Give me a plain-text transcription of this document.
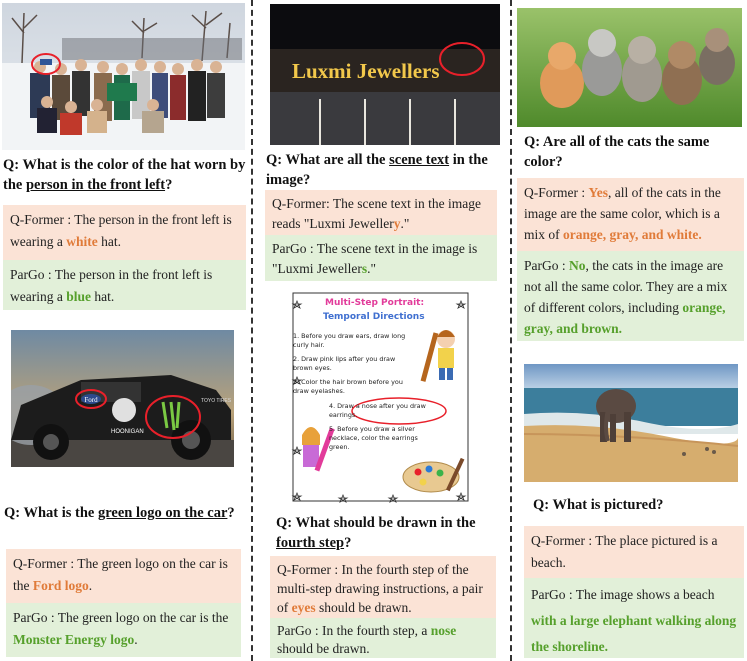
Q: What is the color of the hat worn by the person in the front left?
Q-Former : The person in the front left is wearing a white hat.
ParGo : The person in the front left is wearing a blue hat.
Ford
HOONIGAN
TOYO TIRES
Q: What is the green logo on the car?
Q-Former : The green logo on the car is the Ford logo.
ParGo : The green logo on the car is the Monster Energy logo.
Luxmi Jewellers
Q: What are all the scene text in the image?
Q-Former: The scene text in the image reads "Luxmi Jewellery."
ParGo : The scene text in the image is "Luxmi Jewellers."
Multi-Step Portrait:
Temporal Directions
1. Before you draw ears, draw long curly hair.
2. Draw pink lips after you draw brown eyes.
3. Color the hair brown before you draw eyelashes.
4. Draw a nose after you draw earrings.
5. Before you draw a silver necklace, color the earrings green.
Q: What should be drawn in the fourth step?
Q-Former : In the fourth step of the multi-step drawing instructions, a pair of eyes should be drawn.
ParGo : In the fourth step, a nose should be drawn.
Q: Are all of the cats the same color?
Q-Former : Yes, all of the cats in the image are the same color, which is a mix of orange, gray, and white.
ParGo : No, the cats in the image are not all the same color. They are a mix of different colors, including orange, gray, and brown.
Q: What is pictured?
Q-Former : The place pictured is a beach.
ParGo : The image shows a beach with a large elephant walking along the shoreline.
